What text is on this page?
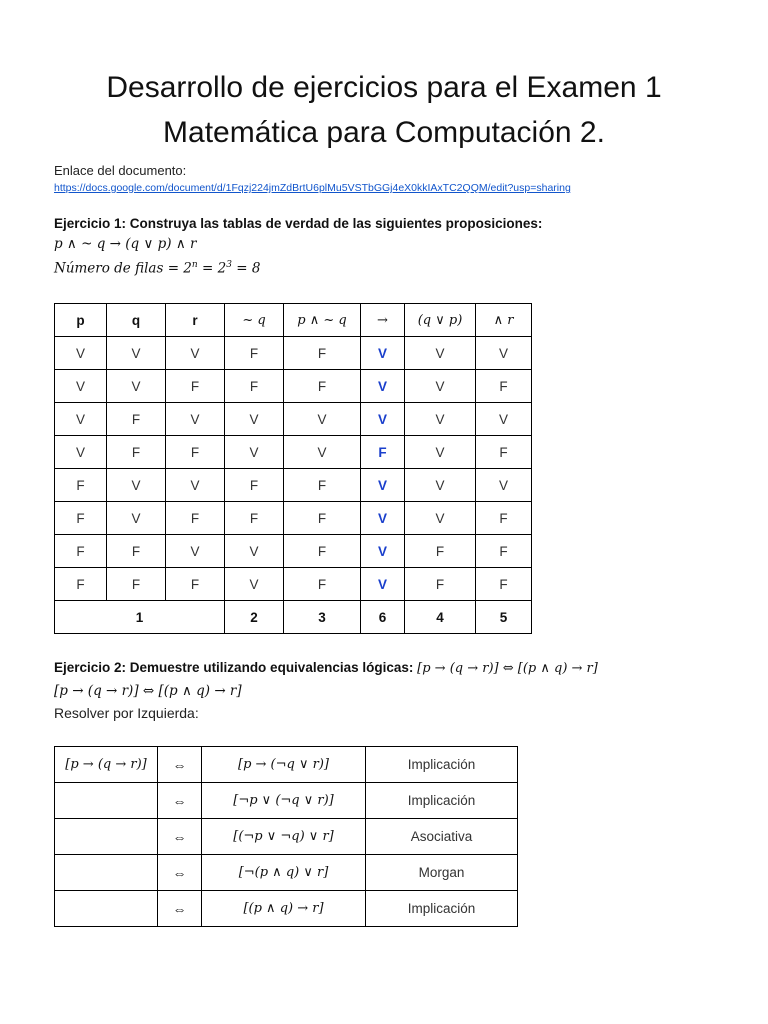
Desarrollo de ejercicios para el Examen 1
Matemática para Computación 2.
Enlace del documento:
https://docs.google.com/document/d/1Fqzj224jmZdBrtU6plMu5VSTbGGj4eX0kkIAxTC2QQM/edit?usp=sharing
Ejercicio 1: Construya las tablas de verdad de las siguientes proposiciones:
p ∧ ~ q → (q ∨ p) ∧ r
Número de filas = $2^n = 2^3 = 8$
p	q	r	~ q	p ∧ ~ q	→	(q ∨ p)	∧ r
V	V	V	F	F	V	V	V
V	V	F	F	F	V	V	F
V	F	V	V	V	V	V	V
V	F	F	V	V	F	V	F
F	V	V	F	F	V	V	V
F	V	F	F	F	V	V	F
F	F	V	V	F	V	F	F
F	F	F	V	F	V	F	F
1			2	3	6	4	5
Ejercicio 2: Demuestre utilizando equivalencias lógicas: [p → (q → r)] ⇔ [(p ∧ q) → r]
[p → (q → r)] ⇔ [(p ∧ q) → r]
Resolver por Izquierda:
[p → (q → r)]	⇔	[p → (¬q ∨ r)]	Implicación
	⇔	[¬p ∨ (¬q ∨ r)]	Implicación
	⇔	[(¬p ∨ ¬q) ∨ r]	Asociativa
	⇔	[¬(p ∧ q) ∨ r]	Morgan
	⇔	[(p ∧ q) → r]	Implicación
